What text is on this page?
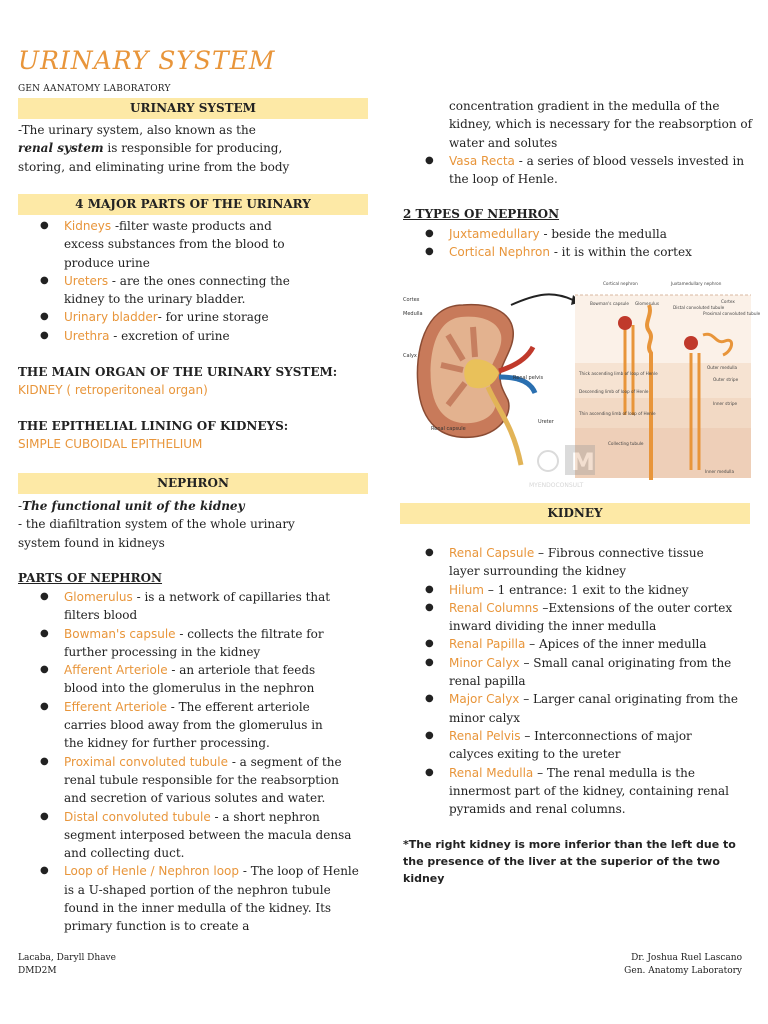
URINARY SYSTEM
GEN AANATOMY LABORATORY
URINARY SYSTEM
-The urinary system, also known as the
renal system is responsible for producing, storing, and eliminating urine from the body
4 MAJOR PARTS OF THE URINARY
● Kidneys -filter waste products and excess substances from the blood to produce urine
● Ureters - are the ones connecting the kidney to the urinary bladder.
● Urinary bladder- for urine storage
● Urethra - excretion of urine
THE MAIN ORGAN OF THE URINARY SYSTEM:
KIDNEY ( retroperitoneal organ)
THE EPITHELIAL LINING OF KIDNEYS:
SIMPLE CUBOIDAL EPITHELIUM
NEPHRON
-The functional unit of the kidney
- the diafiltration system of the whole urinary system found in kidneys
PARTS OF NEPHRON
● Glomerulus - is a network of capillaries that filters blood
● Bowman's capsule - collects the filtrate for further processing in the kidney
● Afferent Arteriole - an arteriole that feeds blood into the glomerulus in the nephron
● Efferent Arteriole - The efferent arteriole carries blood away from the glomerulus in the kidney for further processing.
● Proximal convoluted tubule - a segment of the renal tubule responsible for the reabsorption and secretion of various solutes and water.
● Distal convoluted tubule - a short nephron segment interposed between the macula densa and collecting duct.
● Loop of Henle / Nephron loop - The loop of Henle is a U-shaped portion of the nephron tubule found in the inner medulla of the kidney. Its primary function is to create a
concentration gradient in the medulla of the kidney, which is necessary for the reabsorption of water and solutes
● Vasa Recta - a series of blood vessels invested in the loop of Henle.
2 TYPES OF NEPHRON
● Juxtamedullary - beside the medulla
● Cortical Nephron - it is within the cortex
Cortex
Medulla
Calyx
Renal pelvis
Ureter
Renal capsule
Cortical nephron	Juxtamedullary nephron
Bowman's capsule Glomerulus
Distal convoluted tubule
Proximal convoluted tubule
Thick ascending limb of loop of Henle
Descending limb of loop of Henle
Thin ascending limb of loop of Henle
Collecting tubule
Cortex
Outer medulla
Outer stripe
Inner stripe
Inner medulla
M
MYENDOCONSULT
KIDNEY
● Renal Capsule – Fibrous connective tissue layer surrounding the kidney
● Hilum – 1 entrance: 1 exit to the kidney
● Renal Columns –Extensions of the outer cortex inward dividing the inner medulla
● Renal Papilla – Apices of the inner medulla
● Minor Calyx – Small canal originating from the renal papilla
● Major Calyx – Larger canal originating from the minor calyx
● Renal Pelvis – Interconnections of major calyces exiting to the ureter
● Renal Medulla – The renal medulla is the innermost part of the kidney, containing renal pyramids and renal columns.
*The right kidney is more inferior than the left due to the presence of the liver at the superior of the two kidney
Lacaba, Daryll Dhave
DMD2M
Dr. Joshua Ruel Lascano
Gen. Anatomy Laboratory
